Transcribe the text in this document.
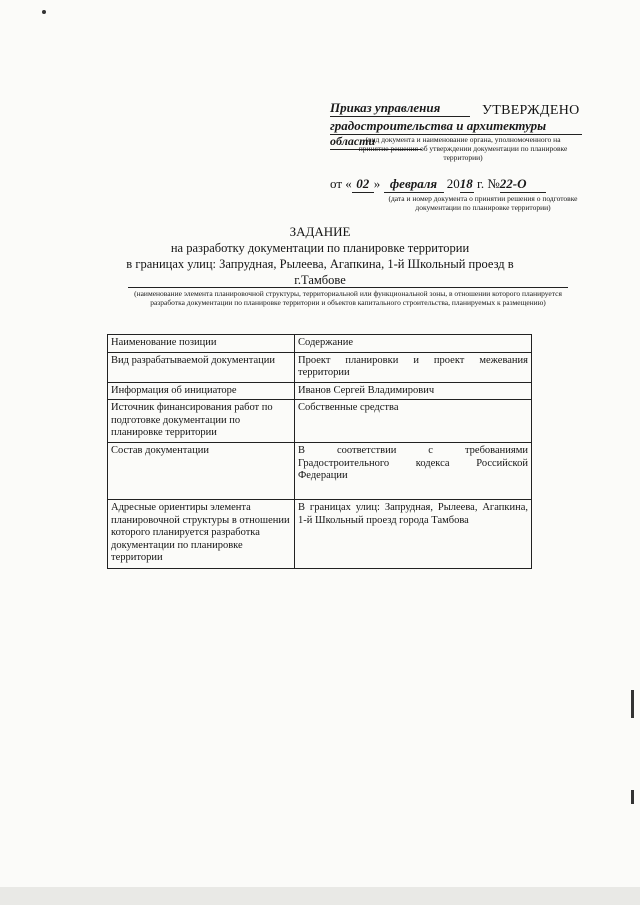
Приказ управления	УТВЕРЖДЕНО
градостроительства и архитектуры
области
(вид документа и наименование органа, уполномоченного на принятие решения об утверждении документации по планировке территории)
от « 02 » февраля 2018 г. №22-О
(дата и номер документа о принятии решения о подготовке документации по планировке территории)
ЗАДАНИЕ
на разработку документации по планировке территории
в границах улиц: Запрудная, Рылеева, Агапкина, 1-й Школьный проезд в
г.Тамбове
(наименование элемента планировочной структуры, территориальной или функциональной зоны, в отношении которого планируется разработка документации по планировке территории и объектов капитального строительства, планируемых к размещению)
Наименование позиции	Содержание
Вид разрабатываемой документации	Проект планировки и проект межевания территории
Информация об инициаторе	Иванов Сергей Владимирович
Источник финансирования работ по подготовке документации по планировке территории	Собственные средства
Состав документации	В соответствии с требованиями Градостроительного кодекса Российской Федерации
Адресные ориентиры элемента планировочной структуры в отношении которого планируется разработка документации по планировке территории	В границах улиц: Запрудная, Рылеева, Агапкина, 1-й Школьный проезд города Тамбова
